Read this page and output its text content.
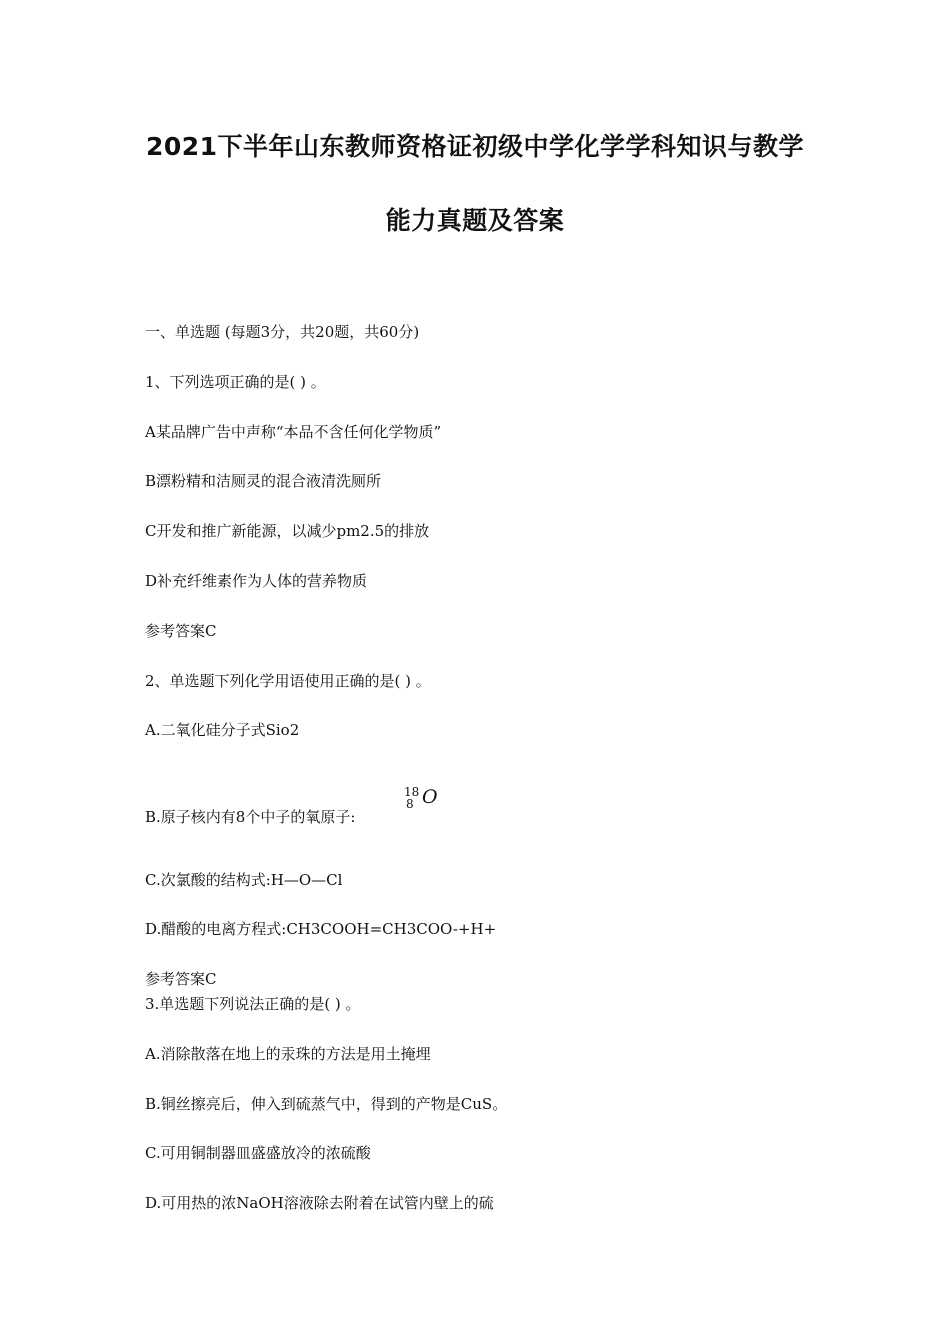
2021下半年山东教师资格证初级中学化学学科知识与教学
能力真题及答案
一、单选题 (每题3分，共20题，共60分)
1、下列选项正确的是( ) 。
A某品牌广告中声称“本品不含任何化学物质”
B漂粉精和洁厕灵的混合液清洗厕所
C开发和推广新能源，以减少pm2.5的排放
D补充纤维素作为人体的营养物质
参考答案C
2、单选题下列化学用语使用正确的是( ) 。
A.二氧化硅分子式Sio2
B.原子核内有8个中子的氧原子:
18
8 O
C.次氯酸的结构式:H—O—Cl
D.醋酸的电离方程式:CH3COOH=CH3COO-+H+
参考答案C
3.单选题下列说法正确的是( ) 。
A.消除散落在地上的汞珠的方法是用土掩埋
B.铜丝擦亮后，伸入到硫蒸气中，得到的产物是CuS。
C.可用铜制器皿盛盛放冷的浓硫酸
D.可用热的浓NaOH溶液除去附着在试管内壁上的硫
